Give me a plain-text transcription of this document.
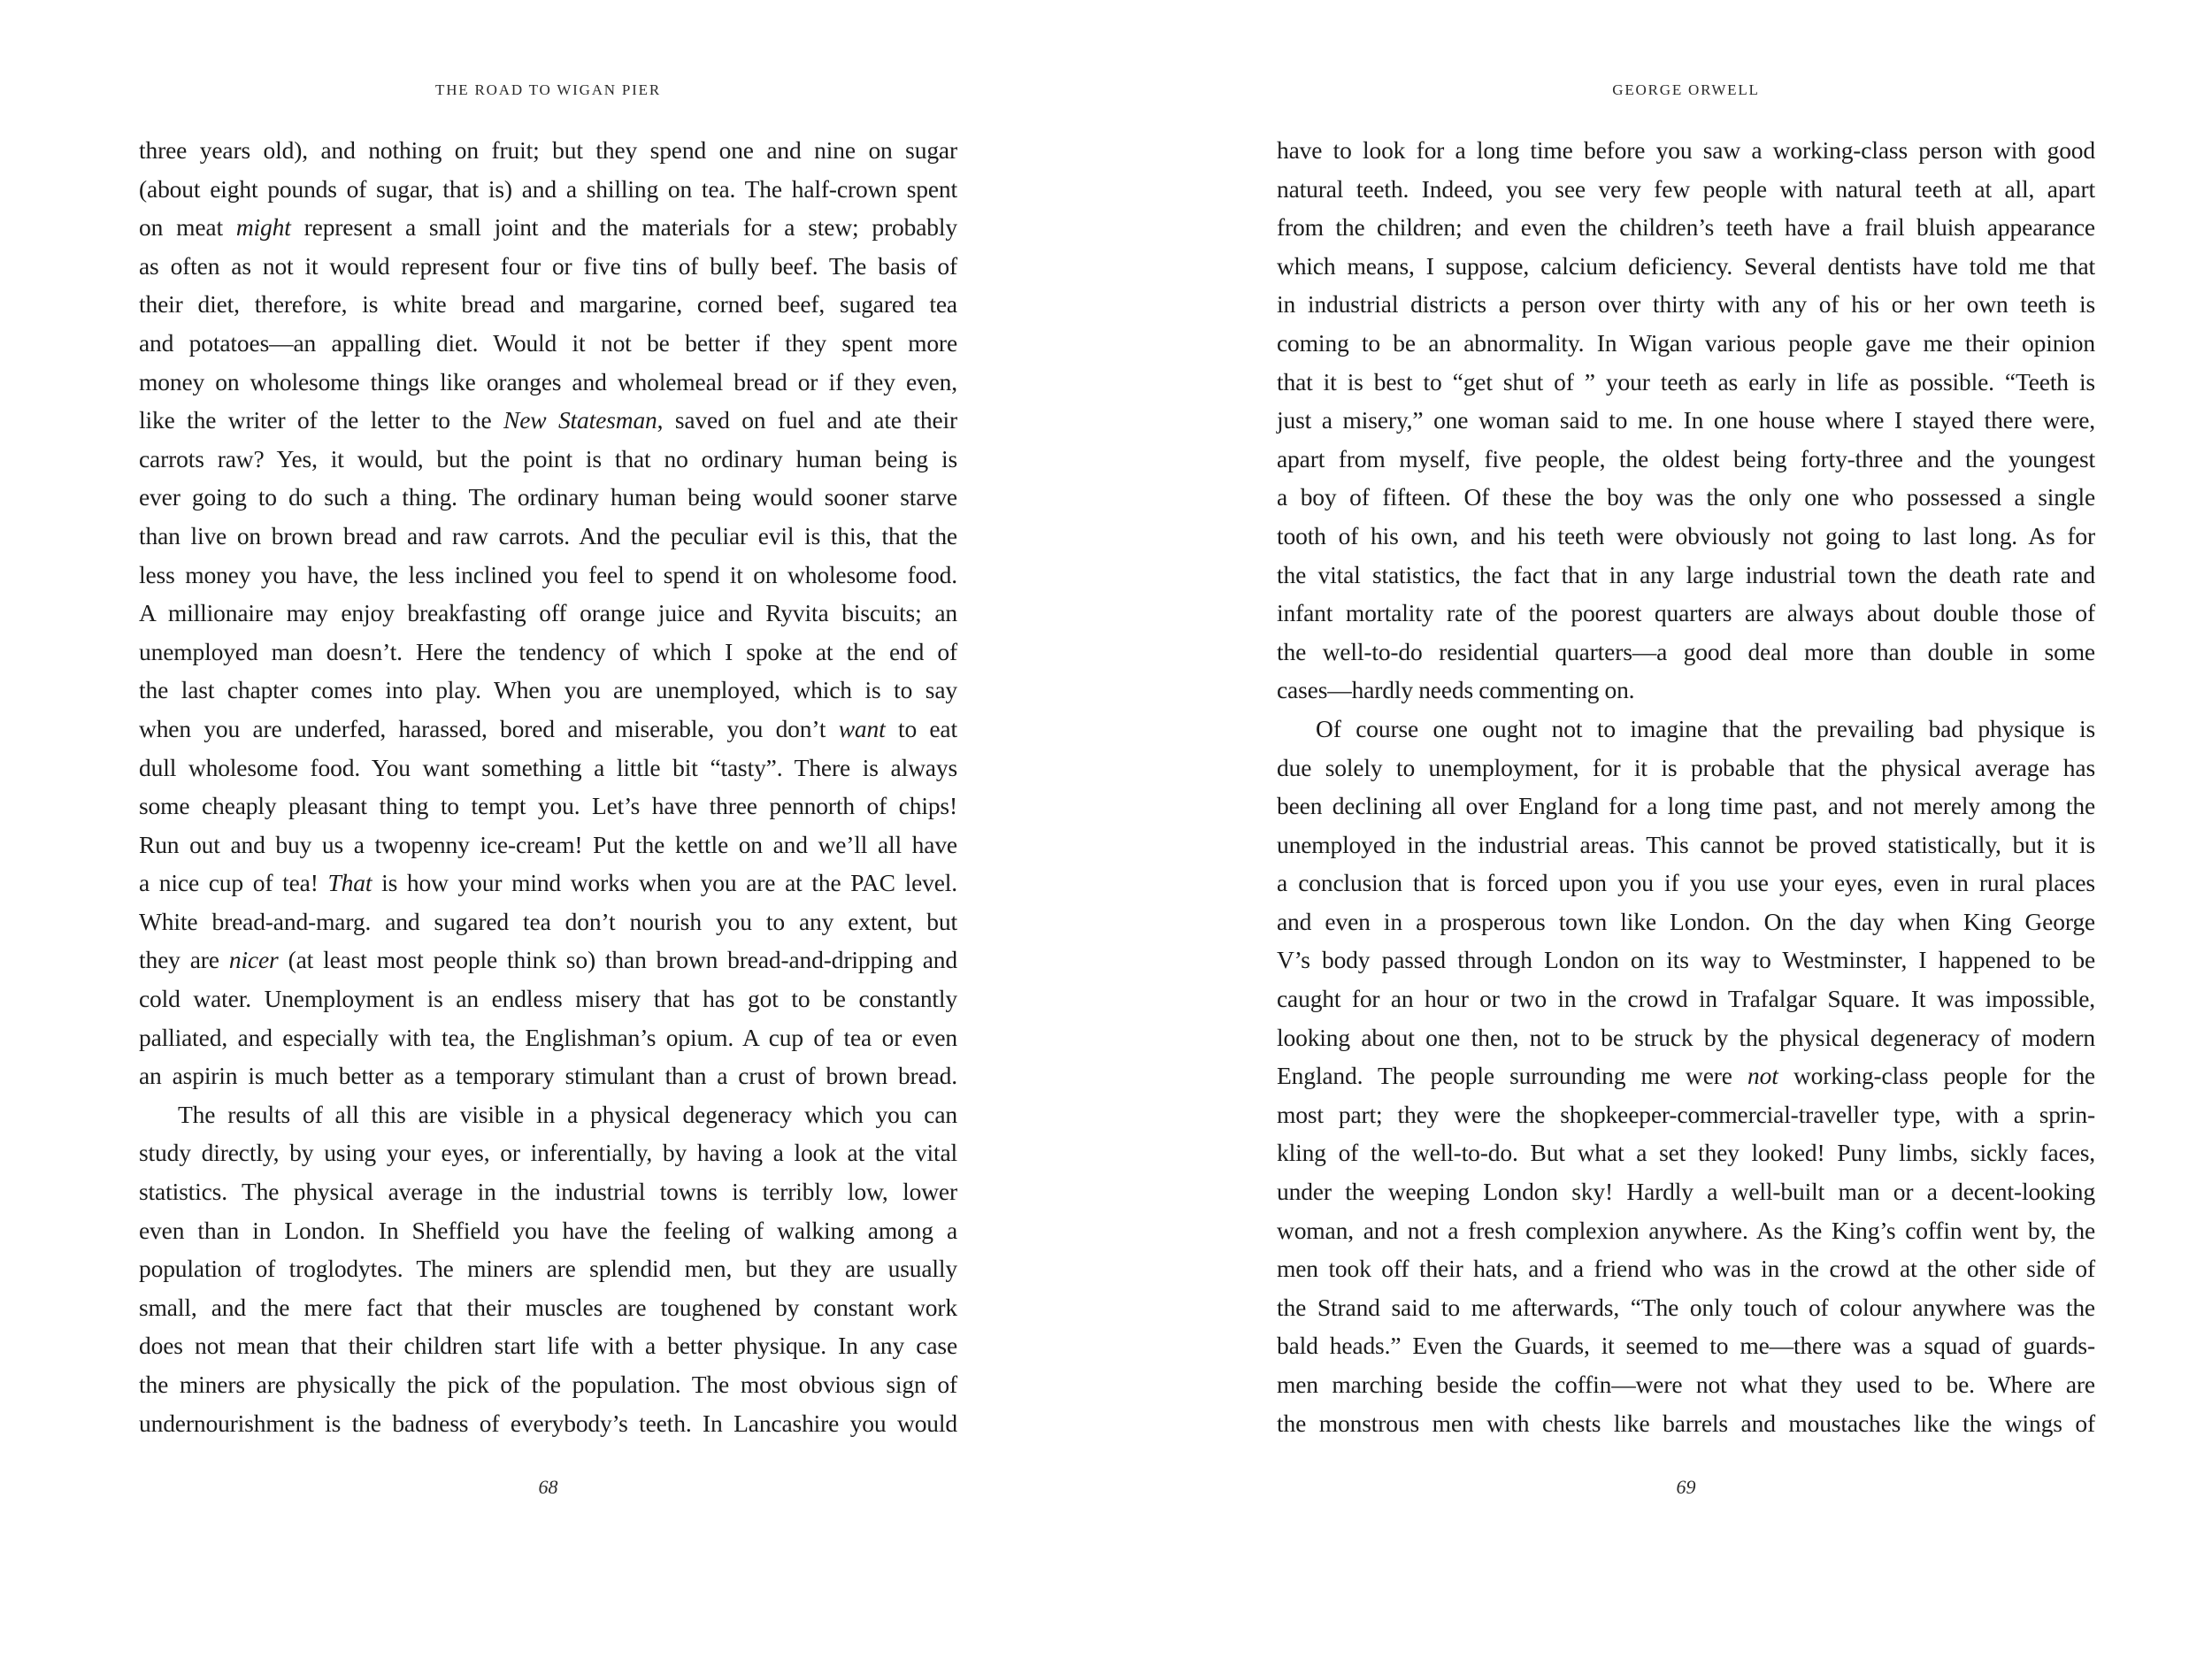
THE ROAD TO WIGAN PIER
three years old), and nothing on fruit; but they spend one and nine on sugar
(about eight pounds of sugar, that is) and a shilling on tea. The half-crown spent
on meat might represent a small joint and the materials for a stew; probably
as often as not it would represent four or five tins of bully beef. The basis of
their diet, therefore, is white bread and margarine, corned beef, sugared tea
and potatoes—an appalling diet. Would it not be better if they spent more
money on wholesome things like oranges and wholemeal bread or if they even,
like the writer of the letter to the New Statesman, saved on fuel and ate their
carrots raw? Yes, it would, but the point is that no ordinary human being is
ever going to do such a thing. The ordinary human being would sooner starve
than live on brown bread and raw carrots. And the peculiar evil is this, that the
less money you have, the less inclined you feel to spend it on wholesome food.
A millionaire may enjoy breakfasting off orange juice and Ryvita biscuits; an
unemployed man doesn’t. Here the tendency of which I spoke at the end of
the last chapter comes into play. When you are unemployed, which is to say
when you are underfed, harassed, bored and miserable, you don’t want to eat
dull wholesome food. You want something a little bit “tasty”. There is always
some cheaply pleasant thing to tempt you. Let’s have three pennorth of chips!
Run out and buy us a twopenny ice-cream! Put the kettle on and we’ll all have
a nice cup of tea! That is how your mind works when you are at the PAC level.
White bread-and-marg. and sugared tea don’t nourish you to any extent, but
they are nicer (at least most people think so) than brown bread-and-dripping and
cold water. Unemployment is an endless misery that has got to be constantly
palliated, and especially with tea, the Englishman’s opium. A cup of tea or even
an aspirin is much better as a temporary stimulant than a crust of brown bread.
The results of all this are visible in a physical degeneracy which you can
study directly, by using your eyes, or inferentially, by having a look at the vital
statistics. The physical average in the industrial towns is terribly low, lower
even than in London. In Sheffield you have the feeling of walking among a
population of troglodytes. The miners are splendid men, but they are usually
small, and the mere fact that their muscles are toughened by constant work
does not mean that their children start life with a better physique. In any case
the miners are physically the pick of the population. The most obvious sign of
undernourishment is the badness of everybody’s teeth. In Lancashire you would
68
GEORGE ORWELL
have to look for a long time before you saw a working-class person with good
natural teeth. Indeed, you see very few people with natural teeth at all, apart
from the children; and even the children’s teeth have a frail bluish appearance
which means, I suppose, calcium deficiency. Several dentists have told me that
in industrial districts a person over thirty with any of his or her own teeth is
coming to be an abnormality. In Wigan various people gave me their opinion
that it is best to “get shut of ” your teeth as early in life as possible. “Teeth is
just a misery,” one woman said to me. In one house where I stayed there were,
apart from myself, five people, the oldest being forty-three and the youngest
a boy of fifteen. Of these the boy was the only one who possessed a single
tooth of his own, and his teeth were obviously not going to last long. As for
the vital statistics, the fact that in any large industrial town the death rate and
infant mortality rate of the poorest quarters are always about double those of
the well-to-do residential quarters—a good deal more than double in some
cases—hardly needs commenting on.
Of course one ought not to imagine that the prevailing bad physique is
due solely to unemployment, for it is probable that the physical average has
been declining all over England for a long time past, and not merely among the
unemployed in the industrial areas. This cannot be proved statistically, but it is
a conclusion that is forced upon you if you use your eyes, even in rural places
and even in a prosperous town like London. On the day when King George
V’s body passed through London on its way to Westminster, I happened to be
caught for an hour or two in the crowd in Trafalgar Square. It was impossible,
looking about one then, not to be struck by the physical degeneracy of modern
England. The people surrounding me were not working-class people for the
most part; they were the shopkeeper-commercial-traveller type, with a sprin-
kling of the well-to-do. But what a set they looked! Puny limbs, sickly faces,
under the weeping London sky! Hardly a well-built man or a decent-looking
woman, and not a fresh complexion anywhere. As the King’s coffin went by, the
men took off their hats, and a friend who was in the crowd at the other side of
the Strand said to me afterwards, “The only touch of colour anywhere was the
bald heads.” Even the Guards, it seemed to me—there was a squad of guards-
men marching beside the coffin—were not what they used to be. Where are
the monstrous men with chests like barrels and moustaches like the wings of
69
